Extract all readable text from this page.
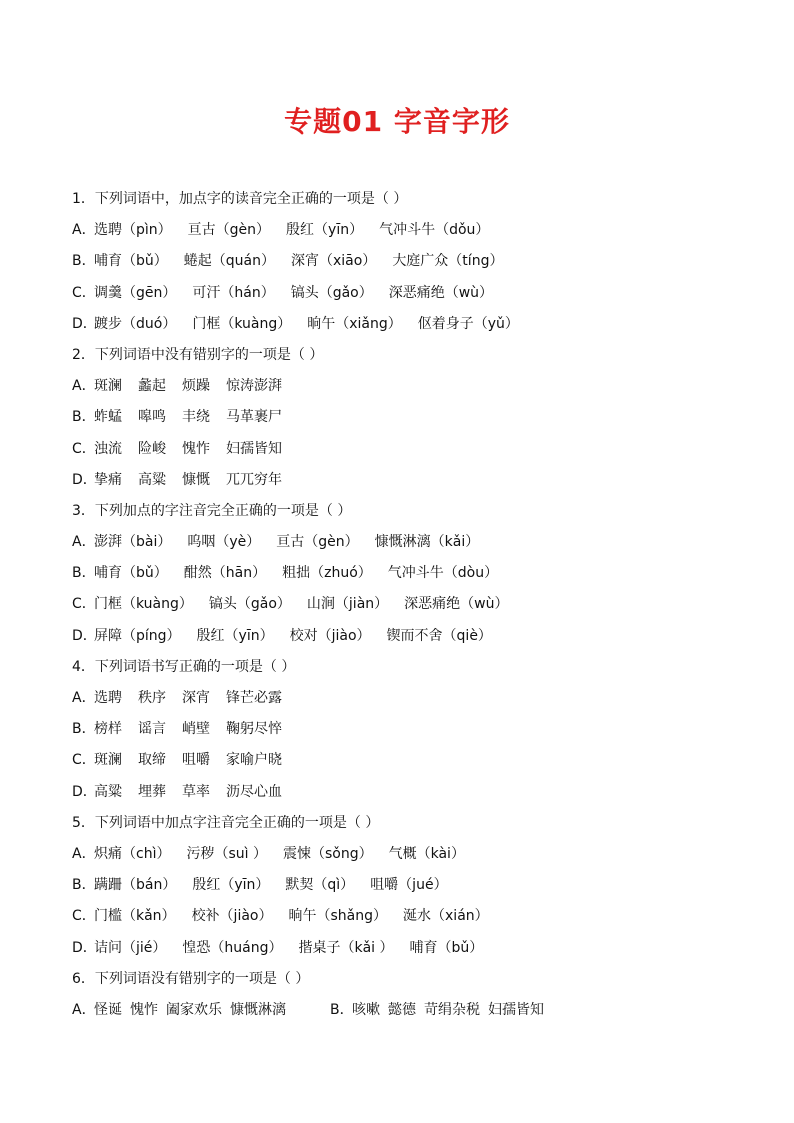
专题01 字音字形
1．下列词语中，加点字的读音完全正确的一项是（ ）
A．选聘（pìn） 亘古（gèn） 殷红（yīn） 气冲斗牛（dǒu）
B．哺育（bǔ） 蜷起（quán） 深宵（xiāo） 大庭广众（tíng）
C．调羹（gēn） 可汗（hán） 镐头（gǎo） 深恶痛绝（wù）
D．踱步（duó） 门框（kuàng） 晌午（xiǎng） 伛着身子（yǔ）
2．下列词语中没有错别字的一项是（ ）
A．斑澜 蠡起 烦躁 惊涛澎湃
B．蚱蜢 嗥鸣 丰绕 马革裹尸
C．浊流 险峻 愧怍 妇孺皆知
D．挚痛 高粱 慷慨 兀兀穷年
3．下列加点的字注音完全正确的一项是（ ）
A．澎湃（bài） 呜咽（yè） 亘古（gèn） 慷慨淋漓（kǎi）
B．哺育（bǔ） 酣然（hān） 粗拙（zhuó） 气冲斗牛（dòu）
C．门框（kuàng） 镐头（gǎo） 山涧（jiàn） 深恶痛绝（wù）
D．屏障（píng） 殷红（yīn） 校对（jiào） 锲而不舍（qiè）
4．下列词语书写正确的一项是（ ）
A．选聘 秩序 深宵 锋芒必露
B．榜样 谣言 峭壁 鞠躬尽悴
C．斑澜 取缔 咀嚼 家喻户晓
D．高粱 埋葬 草率 沥尽心血
5．下列词语中加点字注音完全正确的一项是（ ）
A．炽痛（chì） 污秽（suì ） 震悚（sǒng） 气概（kài）
B．蹒跚（bán） 殷红（yīn） 默契（qì） 咀嚼（jué）
C．门槛（kǎn） 校补（jiào） 晌午（shǎng） 涎水（xián）
D．诘问（jié） 惶恐（huáng） 揩桌子（kǎi ） 哺育（bǔ）
6．下列词语没有错别字的一项是（ ）
A．怪诞 愧怍 阖家欢乐 慷慨淋漓	B．咳嗽 懿德 苛绢杂税 妇孺皆知
